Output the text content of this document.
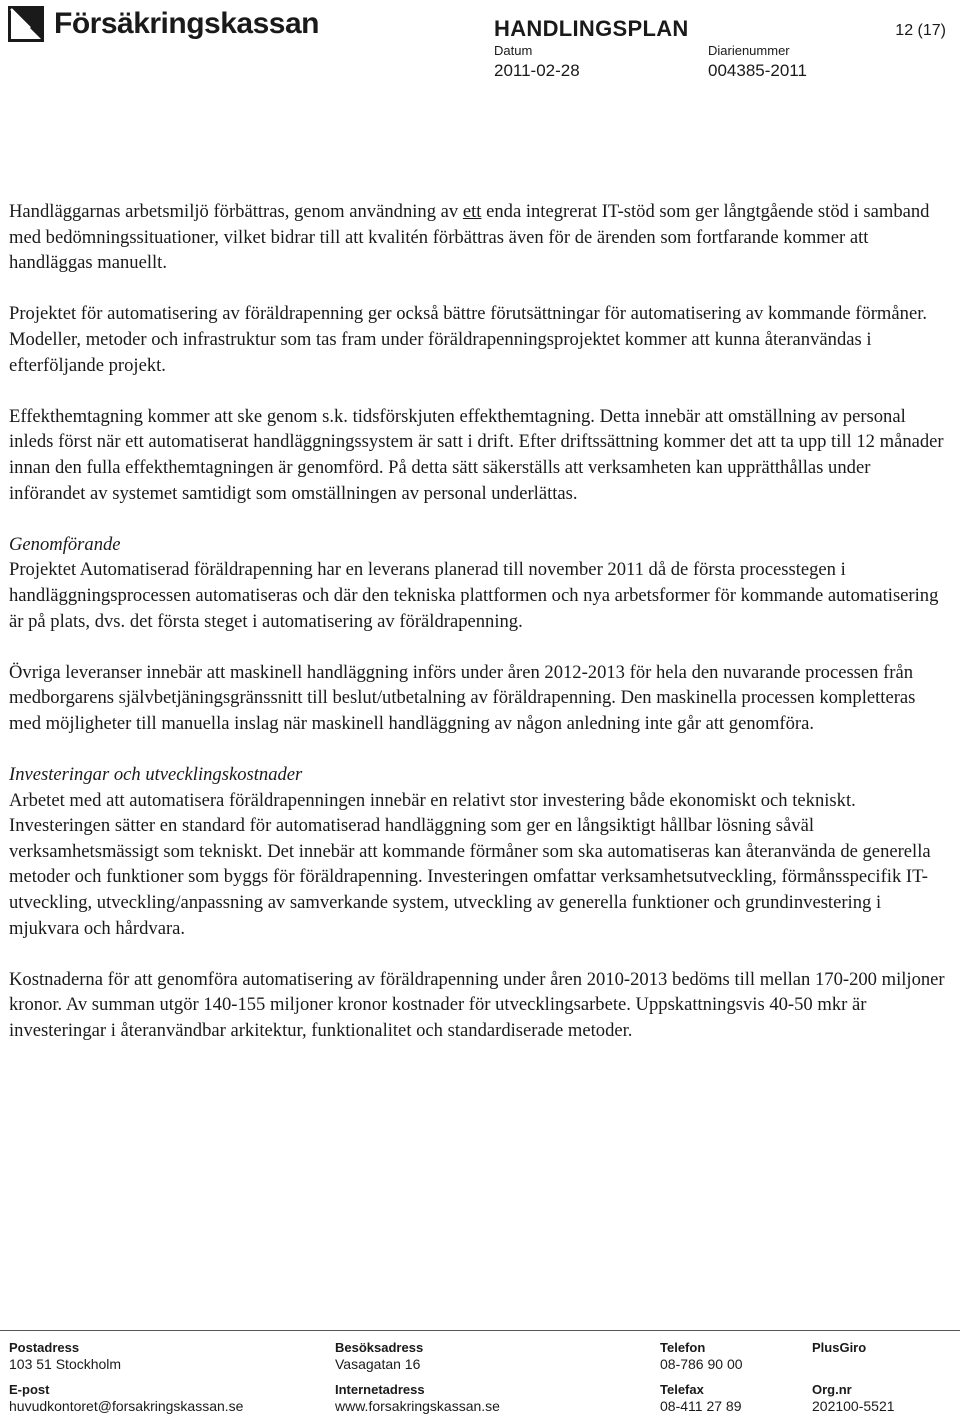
Försäkringskassan	HANDLINGSPLAN	12 (17)
Datum
2011-02-28
Diarienummer
004385-2011

Handläggarnas arbetsmiljö förbättras, genom användning av ett enda integrerat IT-stöd som ger långtgående stöd i samband med bedömningssituationer, vilket bidrar till att kvalitén förbättras även för de ärenden som fortfarande kommer att handläggas manuellt.

Projektet för automatisering av föräldrapenning ger också bättre förutsättningar för automatisering av kommande förmåner. Modeller, metoder och infrastruktur som tas fram under föräldrapenningsprojektet kommer att kunna återanvändas i efterföljande projekt.

Effekthemtagning kommer att ske genom s.k. tidsförskjuten effekthemtagning. Detta innebär att omställning av personal inleds först när ett automatiserat handläggningssystem är satt i drift. Efter driftssättning kommer det att ta upp till 12 månader innan den fulla effekthemtagningen är genomförd. På detta sätt säkerställs att verksamheten kan upprätthållas under införandet av systemet samtidigt som omställningen av personal underlättas.

Genomförande

Projektet Automatiserad föräldrapenning har en leverans planerad till november 2011 då de första processtegen i handläggningsprocessen automatiseras och där den tekniska plattformen och nya arbetsformer för kommande automatisering är på plats, dvs. det första steget i automatisering av föräldrapenning.

Övriga leveranser innebär att maskinell handläggning införs under åren 2012-2013 för hela den nuvarande processen från medborgarens självbetjäningsgränssnitt till beslut/utbetalning av föräldrapenning. Den maskinella processen kompletteras med möjligheter till manuella inslag när maskinell handläggning av någon anledning inte går att genomföra.

Investeringar och utvecklingskostnader

Arbetet med att automatisera föräldrapenningen innebär en relativt stor investering både ekonomiskt och tekniskt. Investeringen sätter en standard för automatiserad handläggning som ger en långsiktigt hållbar lösning såväl verksamhetsmässigt som tekniskt. Det innebär att kommande förmåner som ska automatiseras kan återanvända de generella metoder och funktioner som byggs för föräldrapenning. Investeringen omfattar verksamhetsutveckling, förmånsspecifik IT-utveckling, utveckling/anpassning av samverkande system, utveckling av generella funktioner och grundinvestering i mjukvara och hårdvara.

Kostnaderna för att genomföra automatisering av föräldrapenning under åren 2010-2013 bedöms till mellan 170-200 miljoner kronor. Av summan utgör 140-155 miljoner kronor kostnader för utvecklingsarbete. Uppskattningsvis 40-50 mkr är investeringar i återanvändbar arkitektur, funktionalitet och standardiserade metoder.

Postadress
103 51 Stockholm
E-post
huvudkontoret@forsakringskassan.se
Besöksadress
Vasagatan 16
Internetadress
www.forsakringskassan.se
Telefon
08-786 90 00
Telefax
08-411 27 89
PlusGiro
Org.nr
202100-5521
